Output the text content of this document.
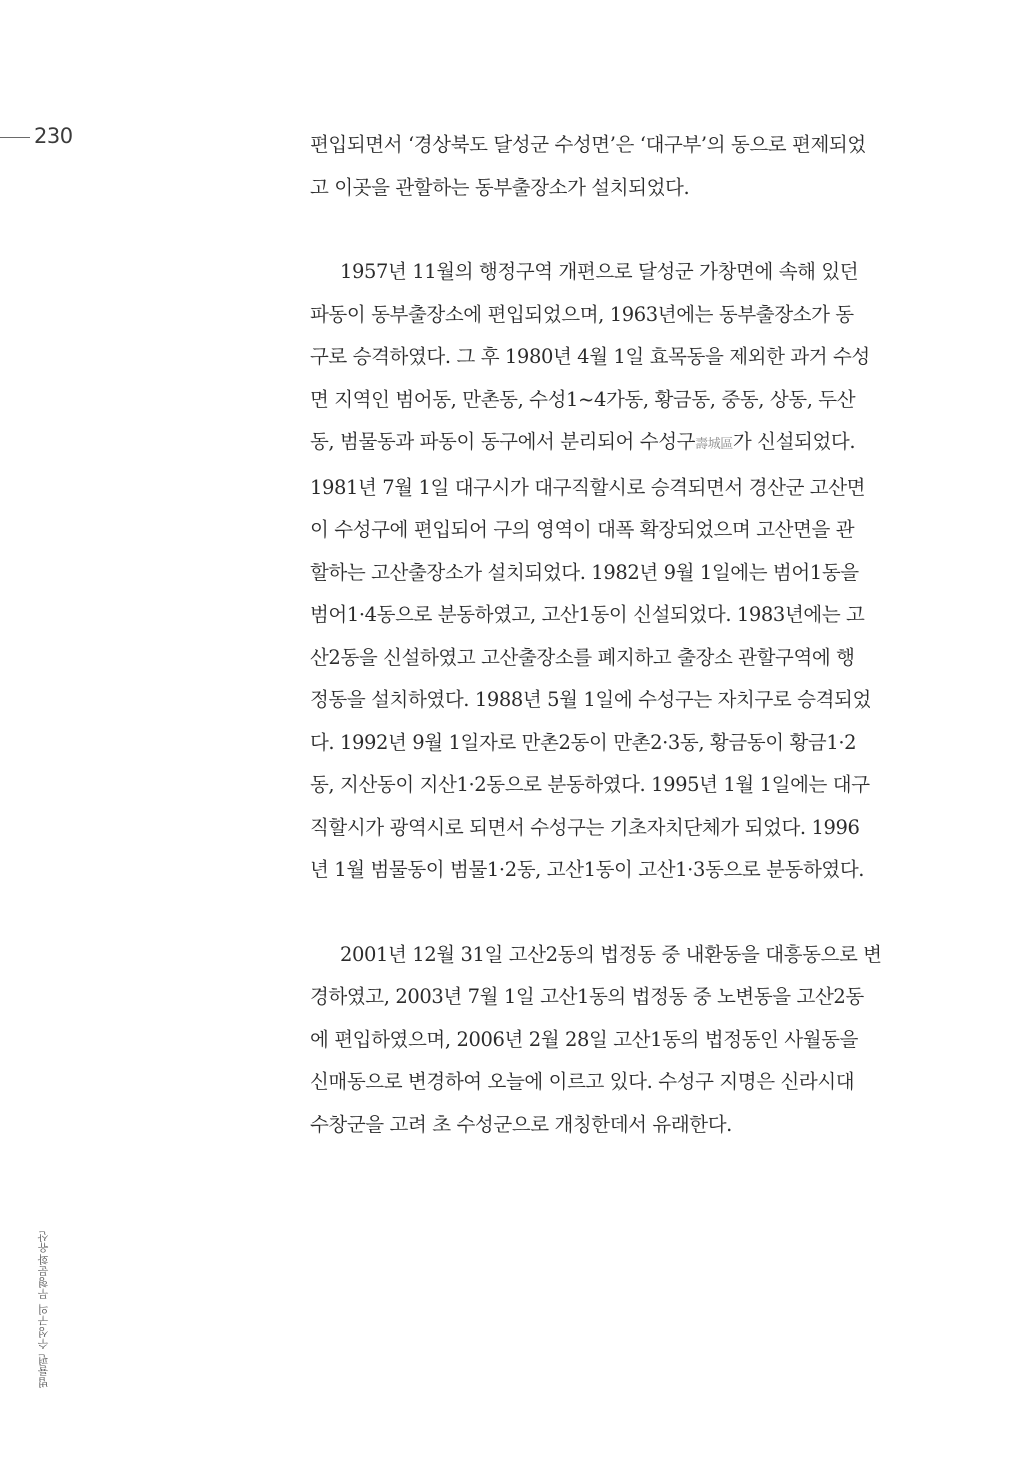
230	편입되면서 ‘경상북도 달성군 수성면’은 ‘대구부’의 동으로 편제되었
고 이곳을 관할하는 동부출장소가 설치되었다.

1957년 11월의 행정구역 개편으로 달성군 가창면에 속해 있던
파동이 동부출장소에 편입되었으며, 1963년에는 동부출장소가 동
구로 승격하였다. 그 후 1980년 4월 1일 효목동을 제외한 과거 수성
면 지역인 범어동, 만촌동, 수성1~4가동, 황금동, 중동, 상동, 두산
동, 범물동과 파동이 동구에서 분리되어 수성구壽城區가 신설되었다.
1981년 7월 1일 대구시가 대구직할시로 승격되면서 경산군 고산면
이 수성구에 편입되어 구의 영역이 대폭 확장되었으며 고산면을 관
할하는 고산출장소가 설치되었다. 1982년 9월 1일에는 범어1동을
범어1·4동으로 분동하였고, 고산1동이 신설되었다. 1983년에는 고
산2동을 신설하였고 고산출장소를 폐지하고 출장소 관할구역에 행
정동을 설치하였다. 1988년 5월 1일에 수성구는 자치구로 승격되었
다. 1992년 9월 1일자로 만촌2동이 만촌2·3동, 황금동이 황금1·2
동, 지산동이 지산1·2동으로 분동하였다. 1995년 1월 1일에는 대구
직할시가 광역시로 되면서 수성구는 기초자치단체가 되었다. 1996
년 1월 범물동이 범물1·2동, 고산1동이 고산1·3동으로 분동하였다.

2001년 12월 31일 고산2동의 법정동 중 내환동을 대흥동으로 변
경하였고, 2003년 7월 1일 고산1동의 법정동 중 노변동을 고산2동
에 편입하였으며, 2006년 2월 28일 고산1동의 법정동인 사월동을
신매동으로 변경하여 오늘에 이르고 있다. 수성구 지명은 신라시대
수창군을 고려 초 수성군으로 개칭한데서 유래한다.

법률편 수성구의 무형문화유산
